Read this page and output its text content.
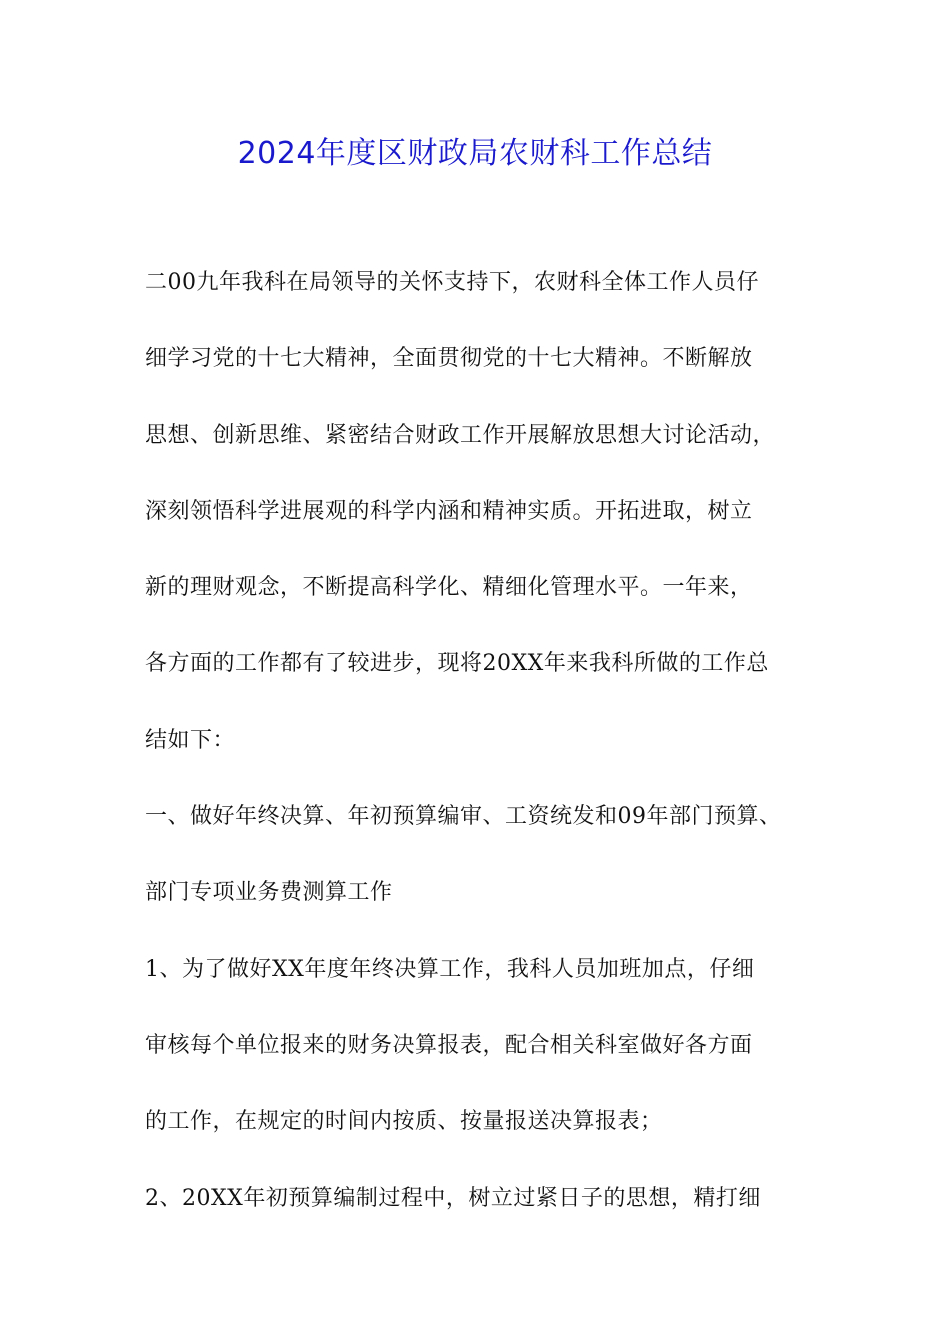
2024年度区财政局农财科工作总结
二00九年我科在局领导的关怀支持下，农财科全体工作人员仔
细学习党的十七大精神，全面贯彻党的十七大精神。不断解放
思想、创新思维、紧密结合财政工作开展解放思想大讨论活动，
深刻领悟科学进展观的科学内涵和精神实质。开拓进取，树立
新的理财观念，不断提高科学化、精细化管理水平。一年来，
各方面的工作都有了较进步，现将20XX年来我科所做的工作总
结如下：
一、做好年终决算、年初预算编审、工资统发和09年部门预算、
部门专项业务费测算工作
1、为了做好XX年度年终决算工作，我科人员加班加点，仔细
审核每个单位报来的财务决算报表，配合相关科室做好各方面
的工作，在规定的时间内按质、按量报送决算报表；
2、20XX年初预算编制过程中，树立过紧日子的思想，精打细
